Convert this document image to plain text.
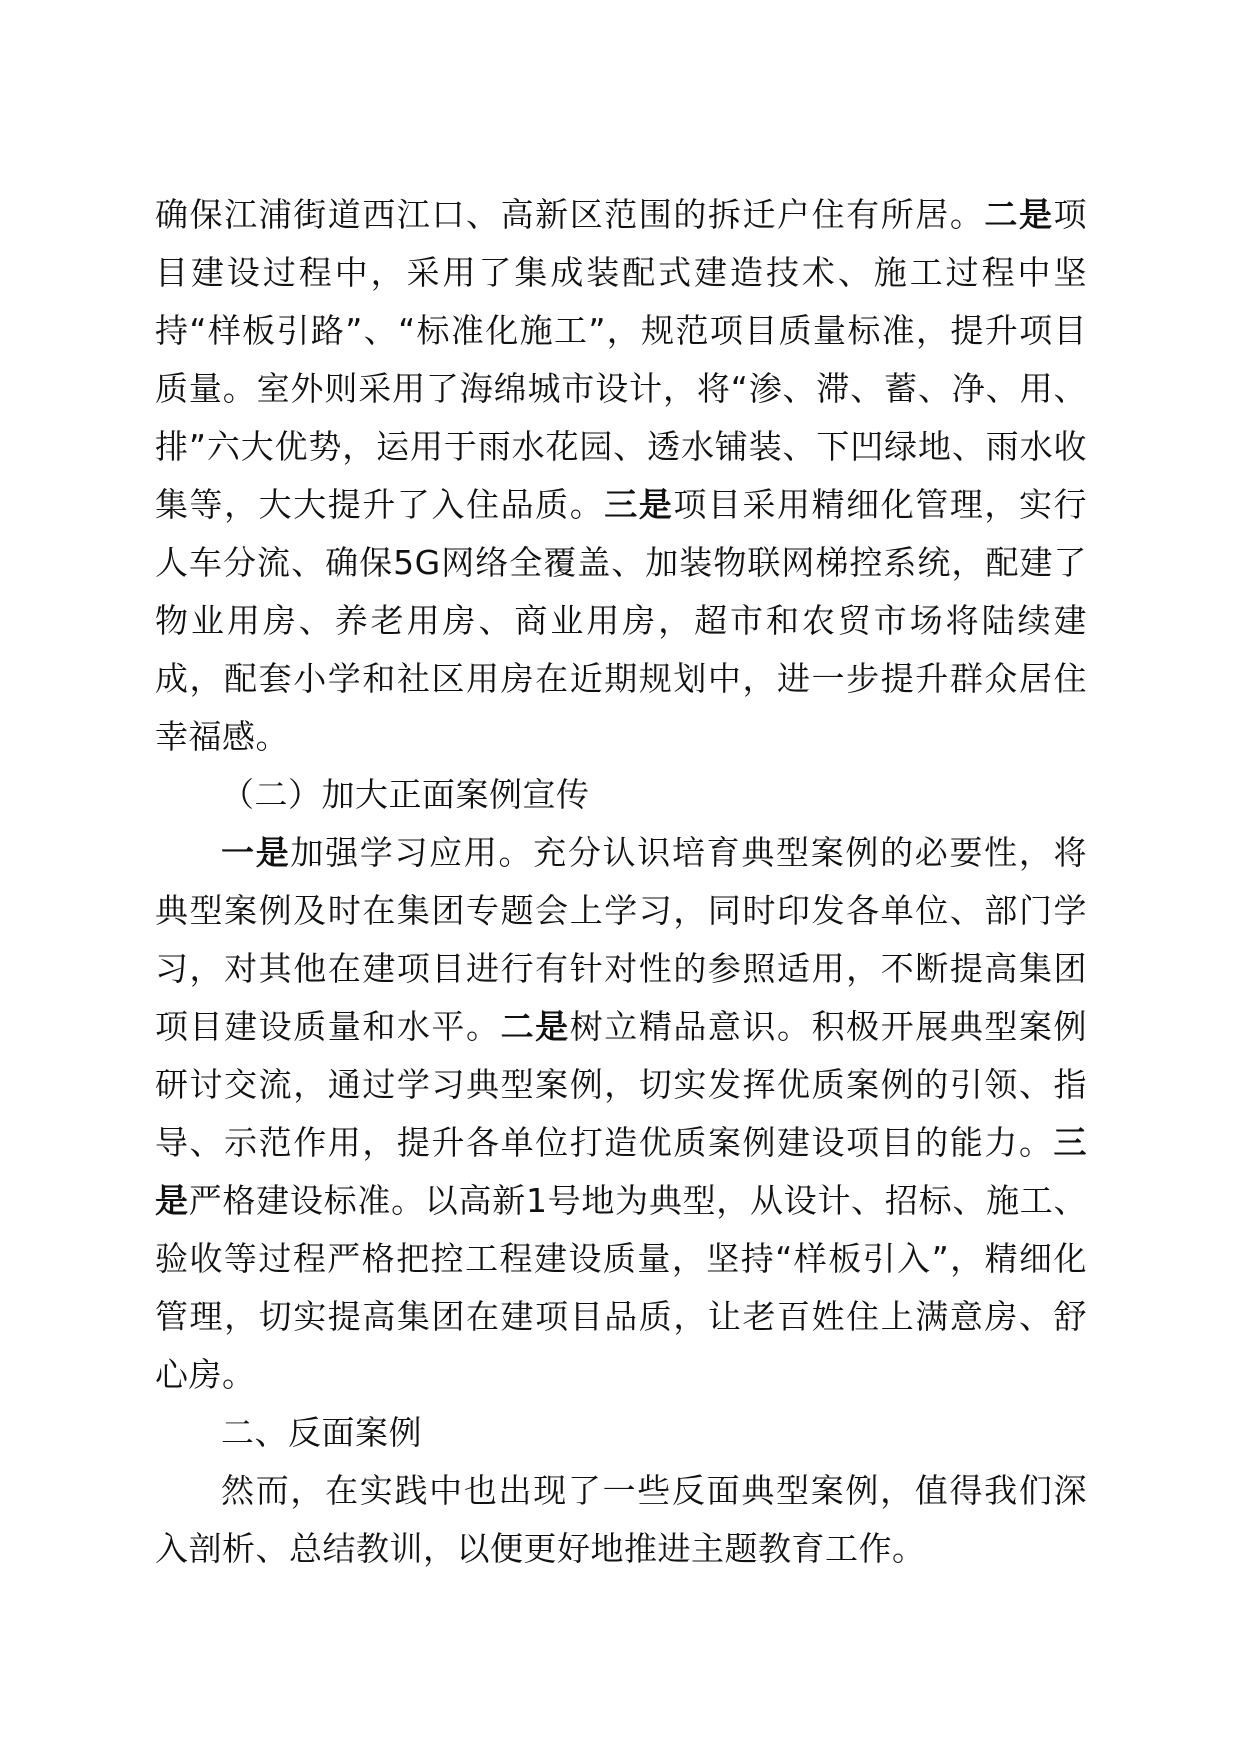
确保江浦街道西江口、高新区范围的拆迁户住有所居。二是项目建设过程中，采用了集成装配式建造技术、施工过程中坚持“样板引路”、“标准化施工”，规范项目质量标准，提升项目质量。室外则采用了海绵城市设计，将“渗、滞、蓄、净、用、排”六大优势，运用于雨水花园、透水铺装、下凹绿地、雨水收集等，大大提升了入住品质。三是项目采用精细化管理，实行人车分流、确保5G网络全覆盖、加装物联网梯控系统，配建了物业用房、养老用房、商业用房，超市和农贸市场将陆续建成，配套小学和社区用房在近期规划中，进一步提升群众居住幸福感。

（二）加大正面案例宣传

一是加强学习应用。充分认识培育典型案例的必要性，将典型案例及时在集团专题会上学习，同时印发各单位、部门学习，对其他在建项目进行有针对性的参照适用，不断提高集团项目建设质量和水平。二是树立精品意识。积极开展典型案例研讨交流，通过学习典型案例，切实发挥优质案例的引领、指导、示范作用，提升各单位打造优质案例建设项目的能力。三是严格建设标准。以高新1号地为典型，从设计、招标、施工、验收等过程严格把控工程建设质量，坚持“样板引入”，精细化管理，切实提高集团在建项目品质，让老百姓住上满意房、舒心房。

二、反面案例

然而，在实践中也出现了一些反面典型案例，值得我们深入剖析、总结教训，以便更好地推进主题教育工作。
